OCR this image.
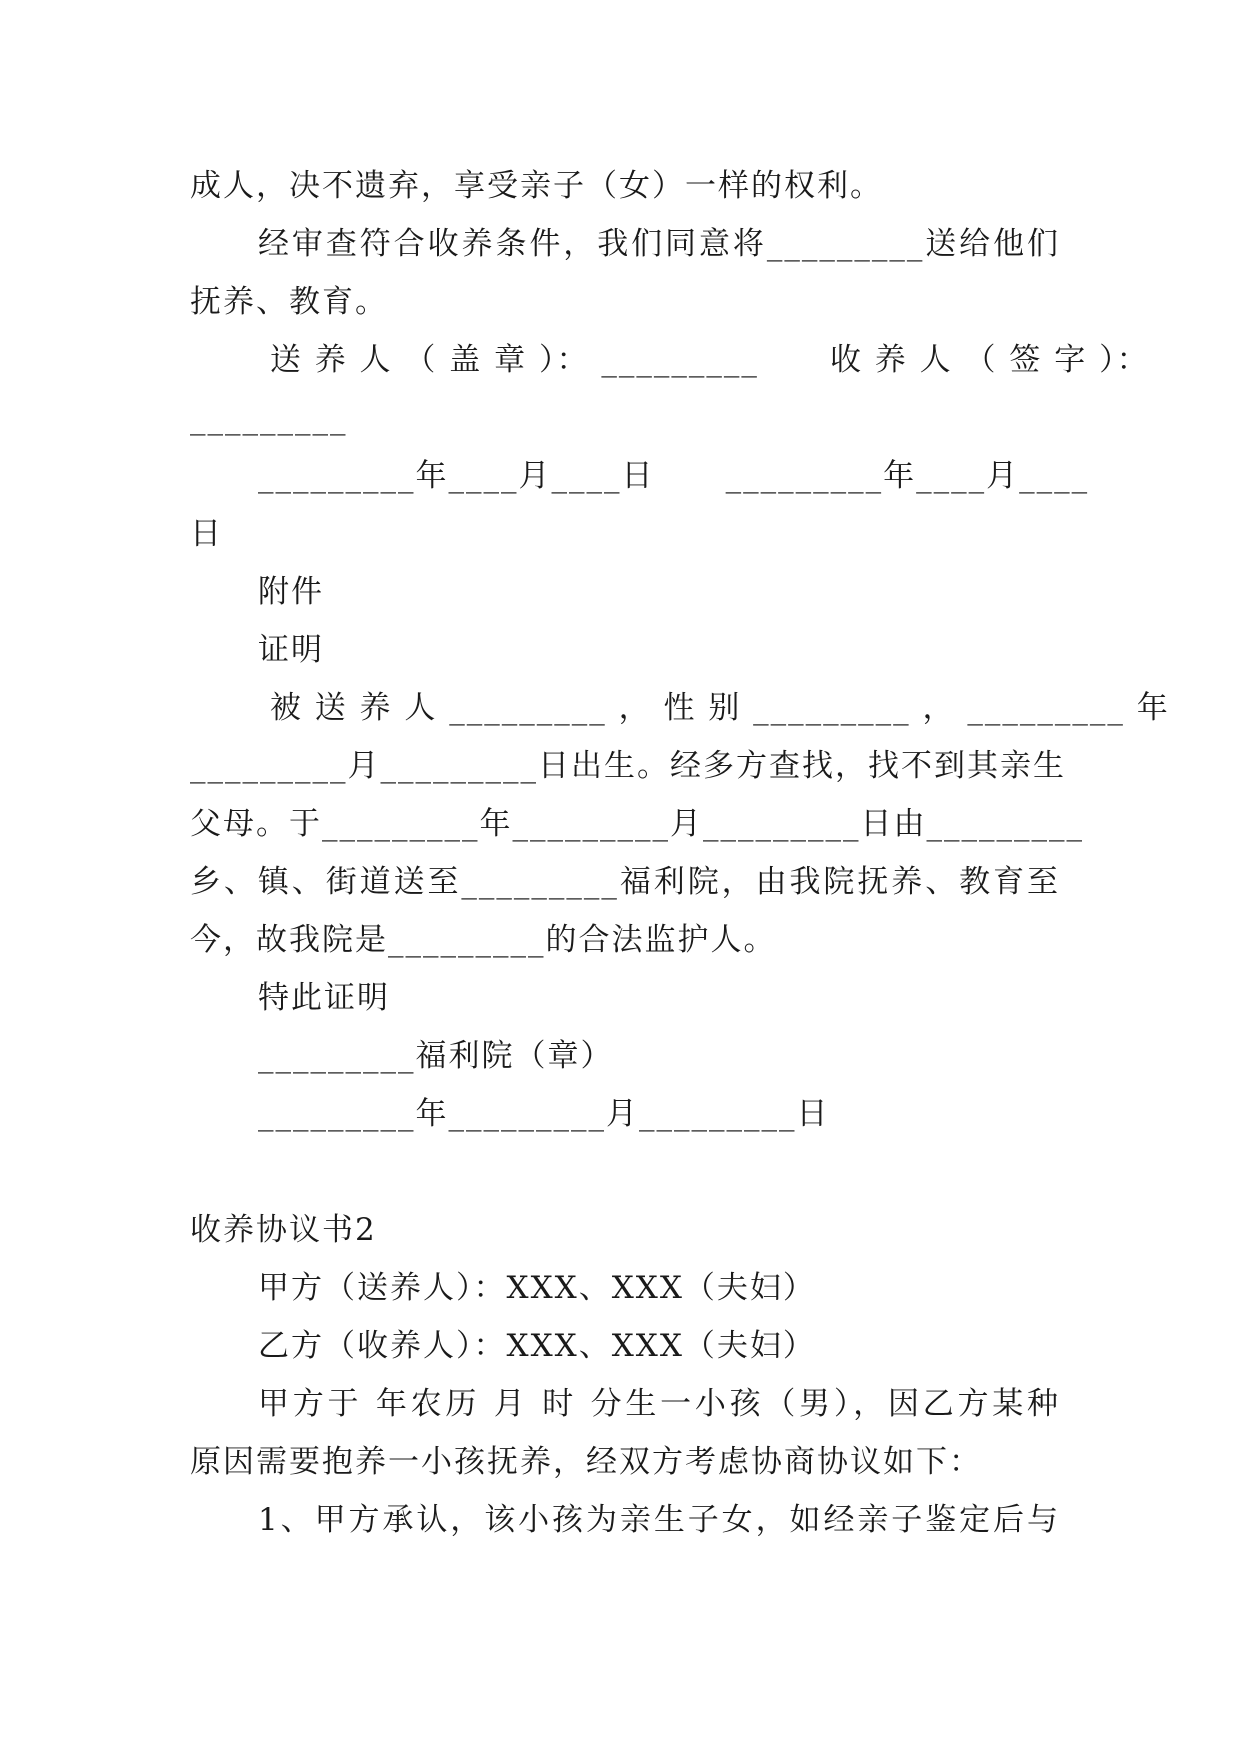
成人，决不遗弃，享受亲子（女）一样的权利。
经审查符合收养条件，我们同意将_________送给他们
抚养、教育。
送 养 人 （ 盖 章 ）： _________      收 养 人 （ 签 字 ）：
_________
_________年____月____日      _________年____月____
日
附件
证明
被 送 养 人 _________ ， 性 别 _________ ， _________ 年
_________月_________日出生。经多方查找，找不到其亲生
父母。于_________年_________月_________日由_________
乡、镇、街道送至_________福利院，由我院抚养、教育至
今，故我院是_________的合法监护人。
特此证明
_________福利院（章）
_________年_________月_________日
收养协议书2
甲方（送养人）：XXX、XXX（夫妇）
乙方（收养人）：XXX、XXX（夫妇）
甲方于 年农历 月 时 分生一小孩（男），因乙方某种
原因需要抱养一小孩抚养，经双方考虑协商协议如下：
1、甲方承认，该小孩为亲生子女，如经亲子鉴定后与
